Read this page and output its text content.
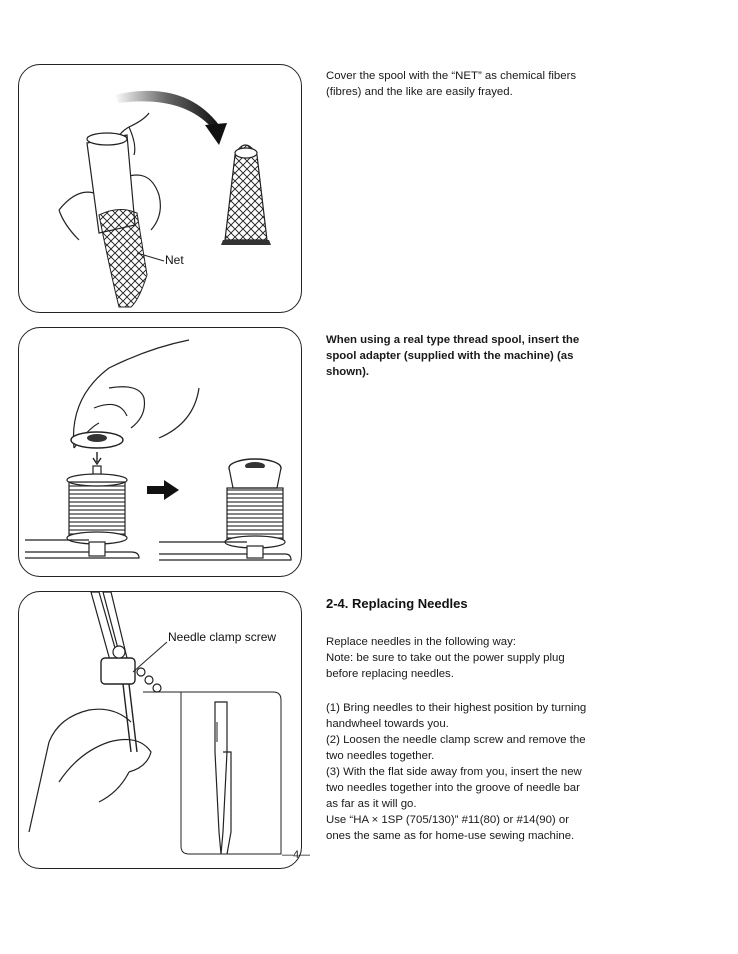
Net

Cover the spool with the “NET” as chemical fibers (fibres) and the like are easily frayed.

When using a real type thread spool, insert the spool adapter (supplied with the machine) (as shown).

Needle clamp screw
2-4. Replacing Needles

Replace needles in the following way:

Note: be sure to take out the power supply plug before replacing needles.

(1) Bring needles to their highest position by turning handwheel towards you.

(2) Loosen the needle clamp screw and remove the two needles together.

(3) With the flat side away from you, insert the new two needles together into the groove of needle bar as far as it will go.

Use “HA × 1SP (705/130)” #11(80) or #14(90) or ones the same as for home-use sewing machine.

—4—
